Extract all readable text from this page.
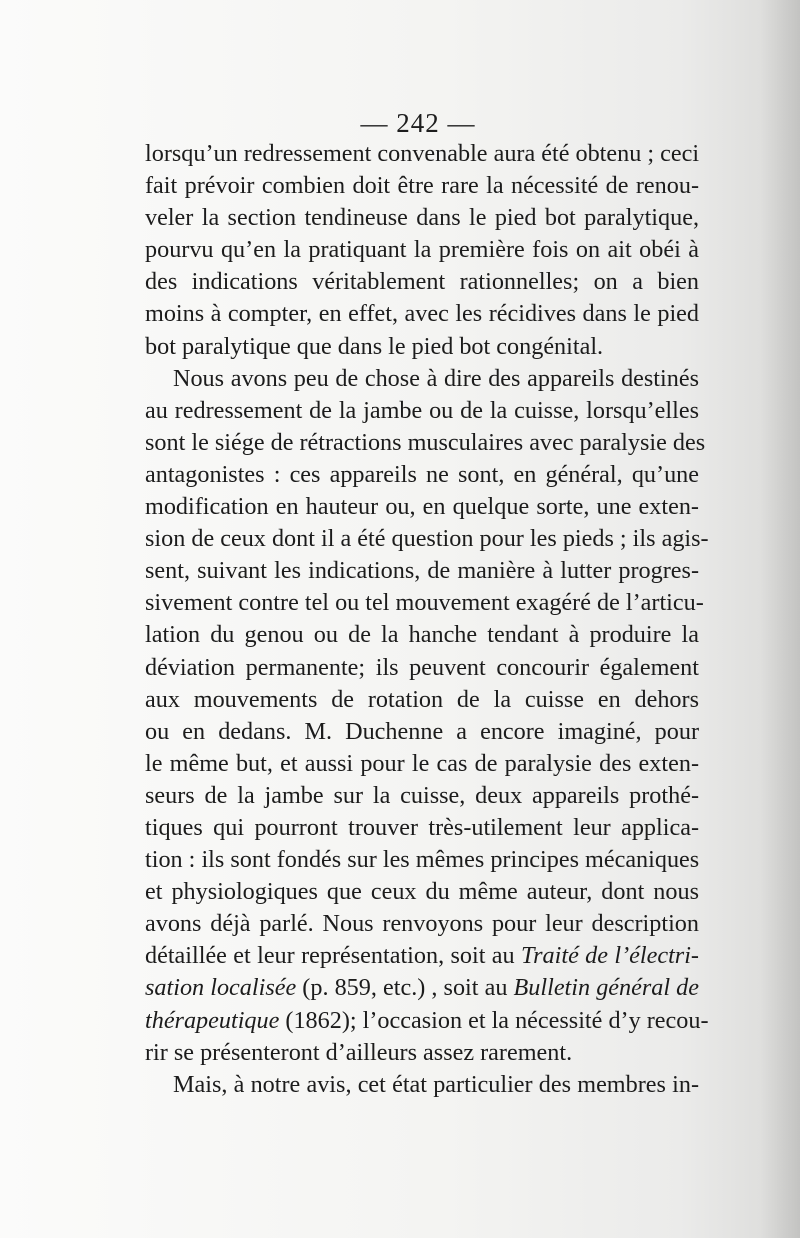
— 242 —
lorsqu’un redressement convenable aura été obtenu ; ceci
fait prévoir combien doit être rare la nécessité de renou-
veler la section tendineuse dans le pied bot paralytique,
pourvu qu’en la pratiquant la première fois on ait obéi à
des indications véritablement rationnelles; on a bien
moins à compter, en effet, avec les récidives dans le pied
bot paralytique que dans le pied bot congénital.
Nous avons peu de chose à dire des appareils destinés
au redressement de la jambe ou de la cuisse, lorsqu’elles
sont le siége de rétractions musculaires avec paralysie des
antagonistes : ces appareils ne sont, en général, qu’une
modification en hauteur ou, en quelque sorte, une exten-
sion de ceux dont il a été question pour les pieds ; ils agis-
sent, suivant les indications, de manière à lutter progres-
sivement contre tel ou tel mouvement exagéré de l’articu-
lation du genou ou de la hanche tendant à produire la
déviation permanente; ils peuvent concourir également
aux mouvements de rotation de la cuisse en dehors
ou en dedans. M. Duchenne a encore imaginé, pour
le même but, et aussi pour le cas de paralysie des exten-
seurs de la jambe sur la cuisse, deux appareils prothé-
tiques qui pourront trouver très-utilement leur applica-
tion : ils sont fondés sur les mêmes principes mécaniques
et physiologiques que ceux du même auteur, dont nous
avons déjà parlé. Nous renvoyons pour leur description
détaillée et leur représentation, soit au Traité de l’électri-
sation localisée (p. 859, etc.) , soit au Bulletin général de
thérapeutique (1862); l’occasion et la nécessité d’y recou-
rir se présenteront d’ailleurs assez rarement.
Mais, à notre avis, cet état particulier des membres in-
